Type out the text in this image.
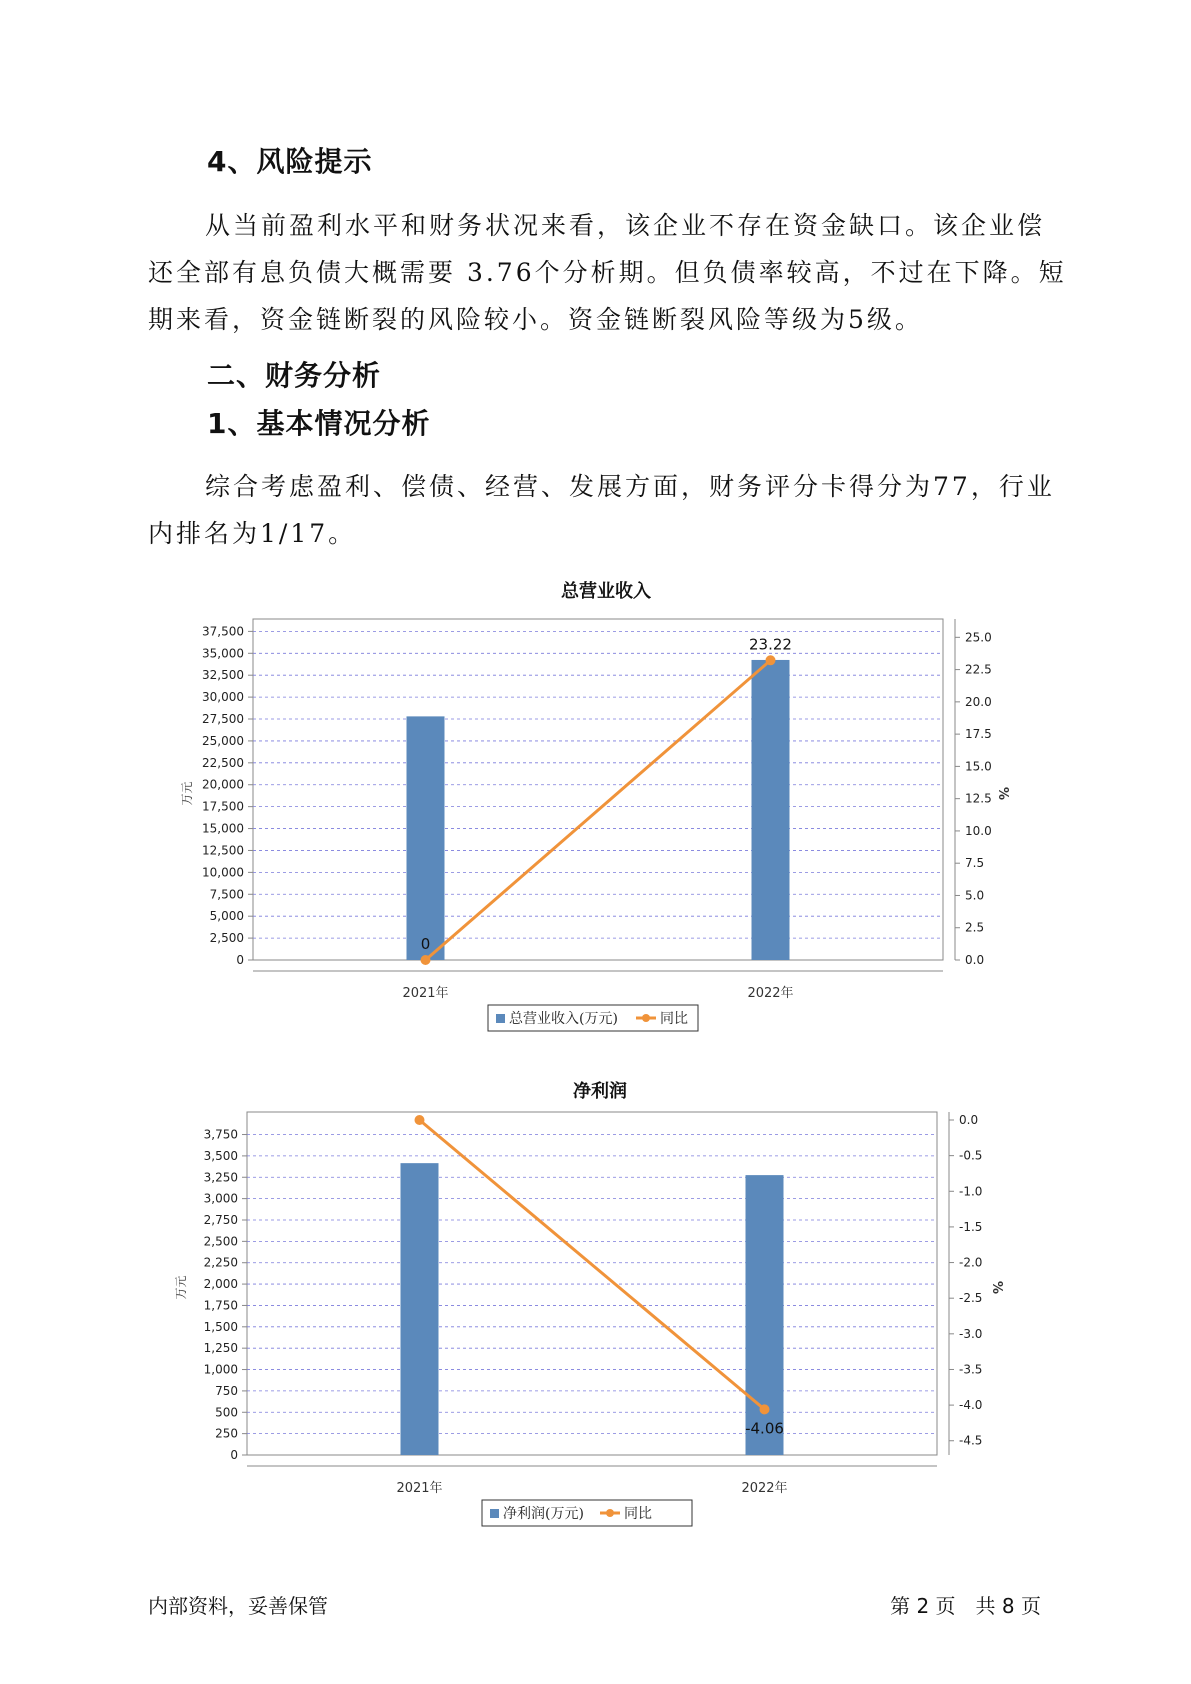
4、风险提示

从当前盈利水平和财务状况来看，该企业不存在资金缺口。该企业偿还全部有息负债大概需要 3.76个分析期。但负债率较高，不过在下降。短期来看，资金链断裂的风险较小。资金链断裂风险等级为5级。

二、财务分析
1、基本情况分析

综合考虑盈利、偿债、经营、发展方面，财务评分卡得分为77，行业内排名为1/17。

总营业收入
0
2,500
5,000
7,500
10,000
12,500
15,000
17,500
20,000
22,500
25,000
27,500
30,000
32,500
35,000
37,500
0.0
2.5
5.0
7.5
10.0
12.5
15.0
17.5
20.0
22.5
25.0
万元	%
2021年	2022年
0
23.22
总营业收入(万元)	同比
净利润
0
250
500
750
1,000
1,250
1,500
1,750
2,000
2,250
2,500
2,750
3,000
3,250
3,500
3,750
0.0
-0.5
-1.0
-1.5
-2.0
-2.5
-3.0
-3.5
-4.0
-4.5
万元	%
2021年	2022年
-4.06
净利润(万元)	同比
内部资料，妥善保管	第 2 页　共 8 页
